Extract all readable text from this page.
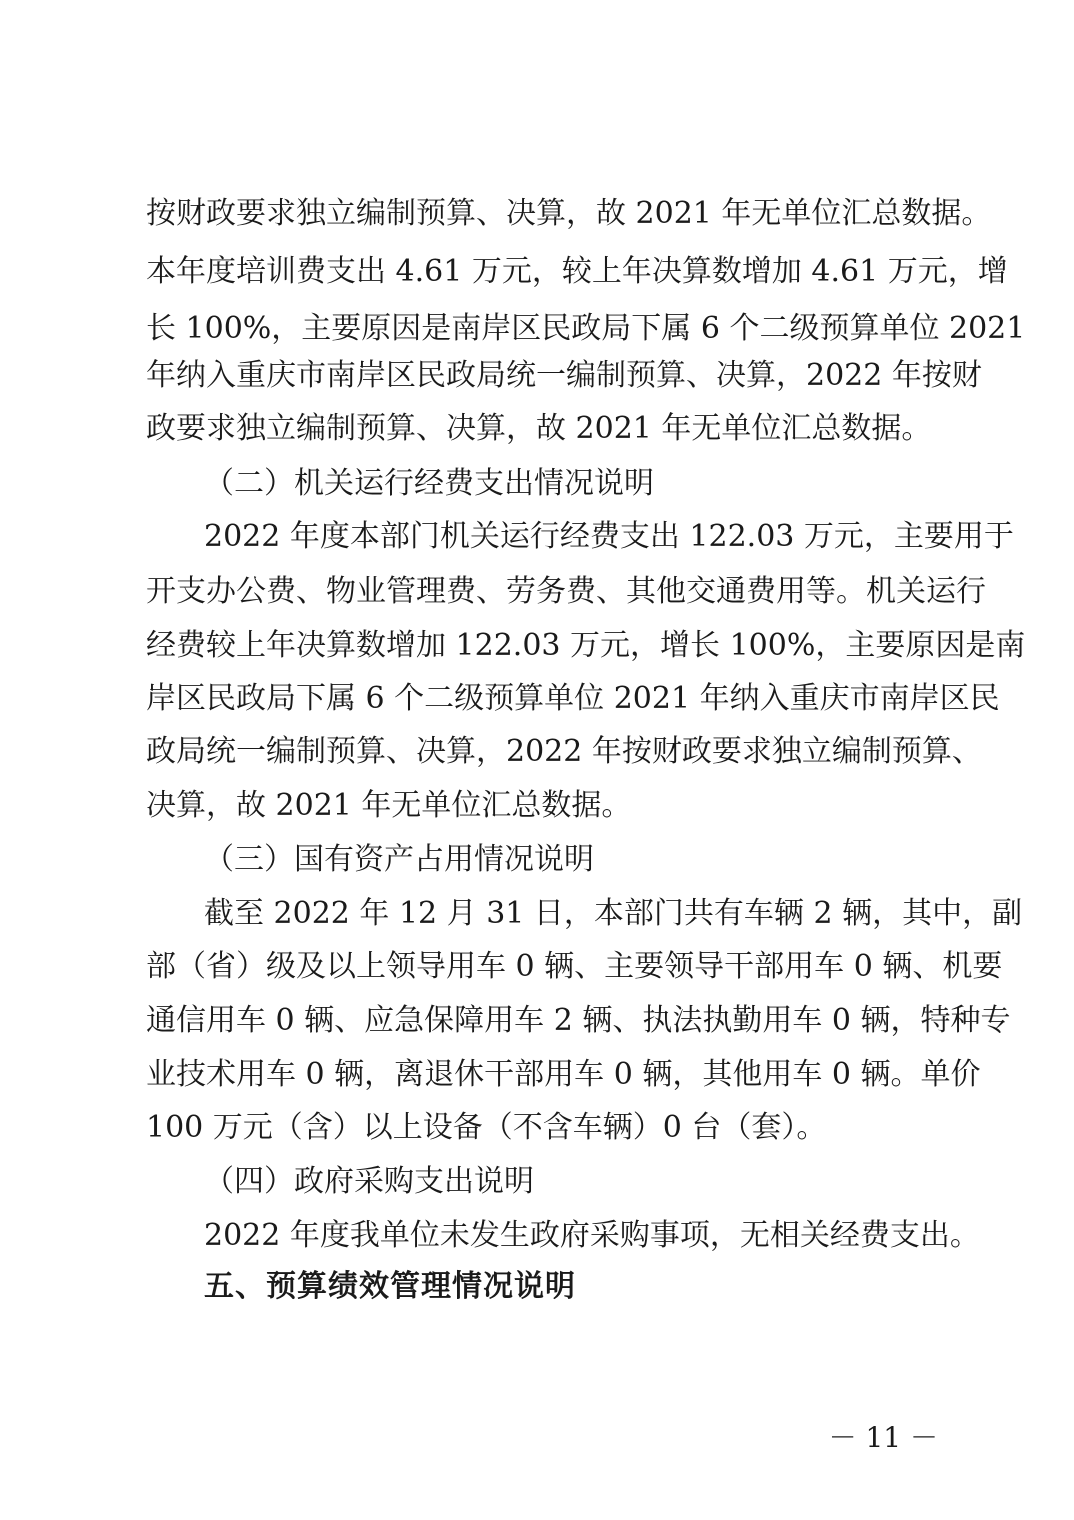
按财政要求独立编制预算、决算，故 2021 年无单位汇总数据。
本年度培训费支出 4.61 万元，较上年决算数增加 4.61 万元，增
长 100%，主要原因是南岸区民政局下属 6 个二级预算单位 2021
年纳入重庆市南岸区民政局统一编制预算、决算，2022 年按财
政要求独立编制预算、决算，故 2021 年无单位汇总数据。
（二）机关运行经费支出情况说明
2022 年度本部门机关运行经费支出 122.03 万元，主要用于
开支办公费、物业管理费、劳务费、其他交通费用等。机关运行
经费较上年决算数增加 122.03 万元，增长 100%，主要原因是南
岸区民政局下属 6 个二级预算单位 2021 年纳入重庆市南岸区民
政局统一编制预算、决算，2022 年按财政要求独立编制预算、
决算，故 2021 年无单位汇总数据。
（三）国有资产占用情况说明
截至 2022 年 12 月 31 日，本部门共有车辆 2 辆，其中，副
部（省）级及以上领导用车 0 辆、主要领导干部用车 0 辆、机要
通信用车 0 辆、应急保障用车 2 辆、执法执勤用车 0 辆，特种专
业技术用车 0 辆，离退休干部用车 0 辆，其他用车 0 辆。单价
100 万元（含）以上设备（不含车辆）0 台（套）。
（四）政府采购支出说明
2022 年度我单位未发生政府采购事项，无相关经费支出。
五、预算绩效管理情况说明
－ 11 －
